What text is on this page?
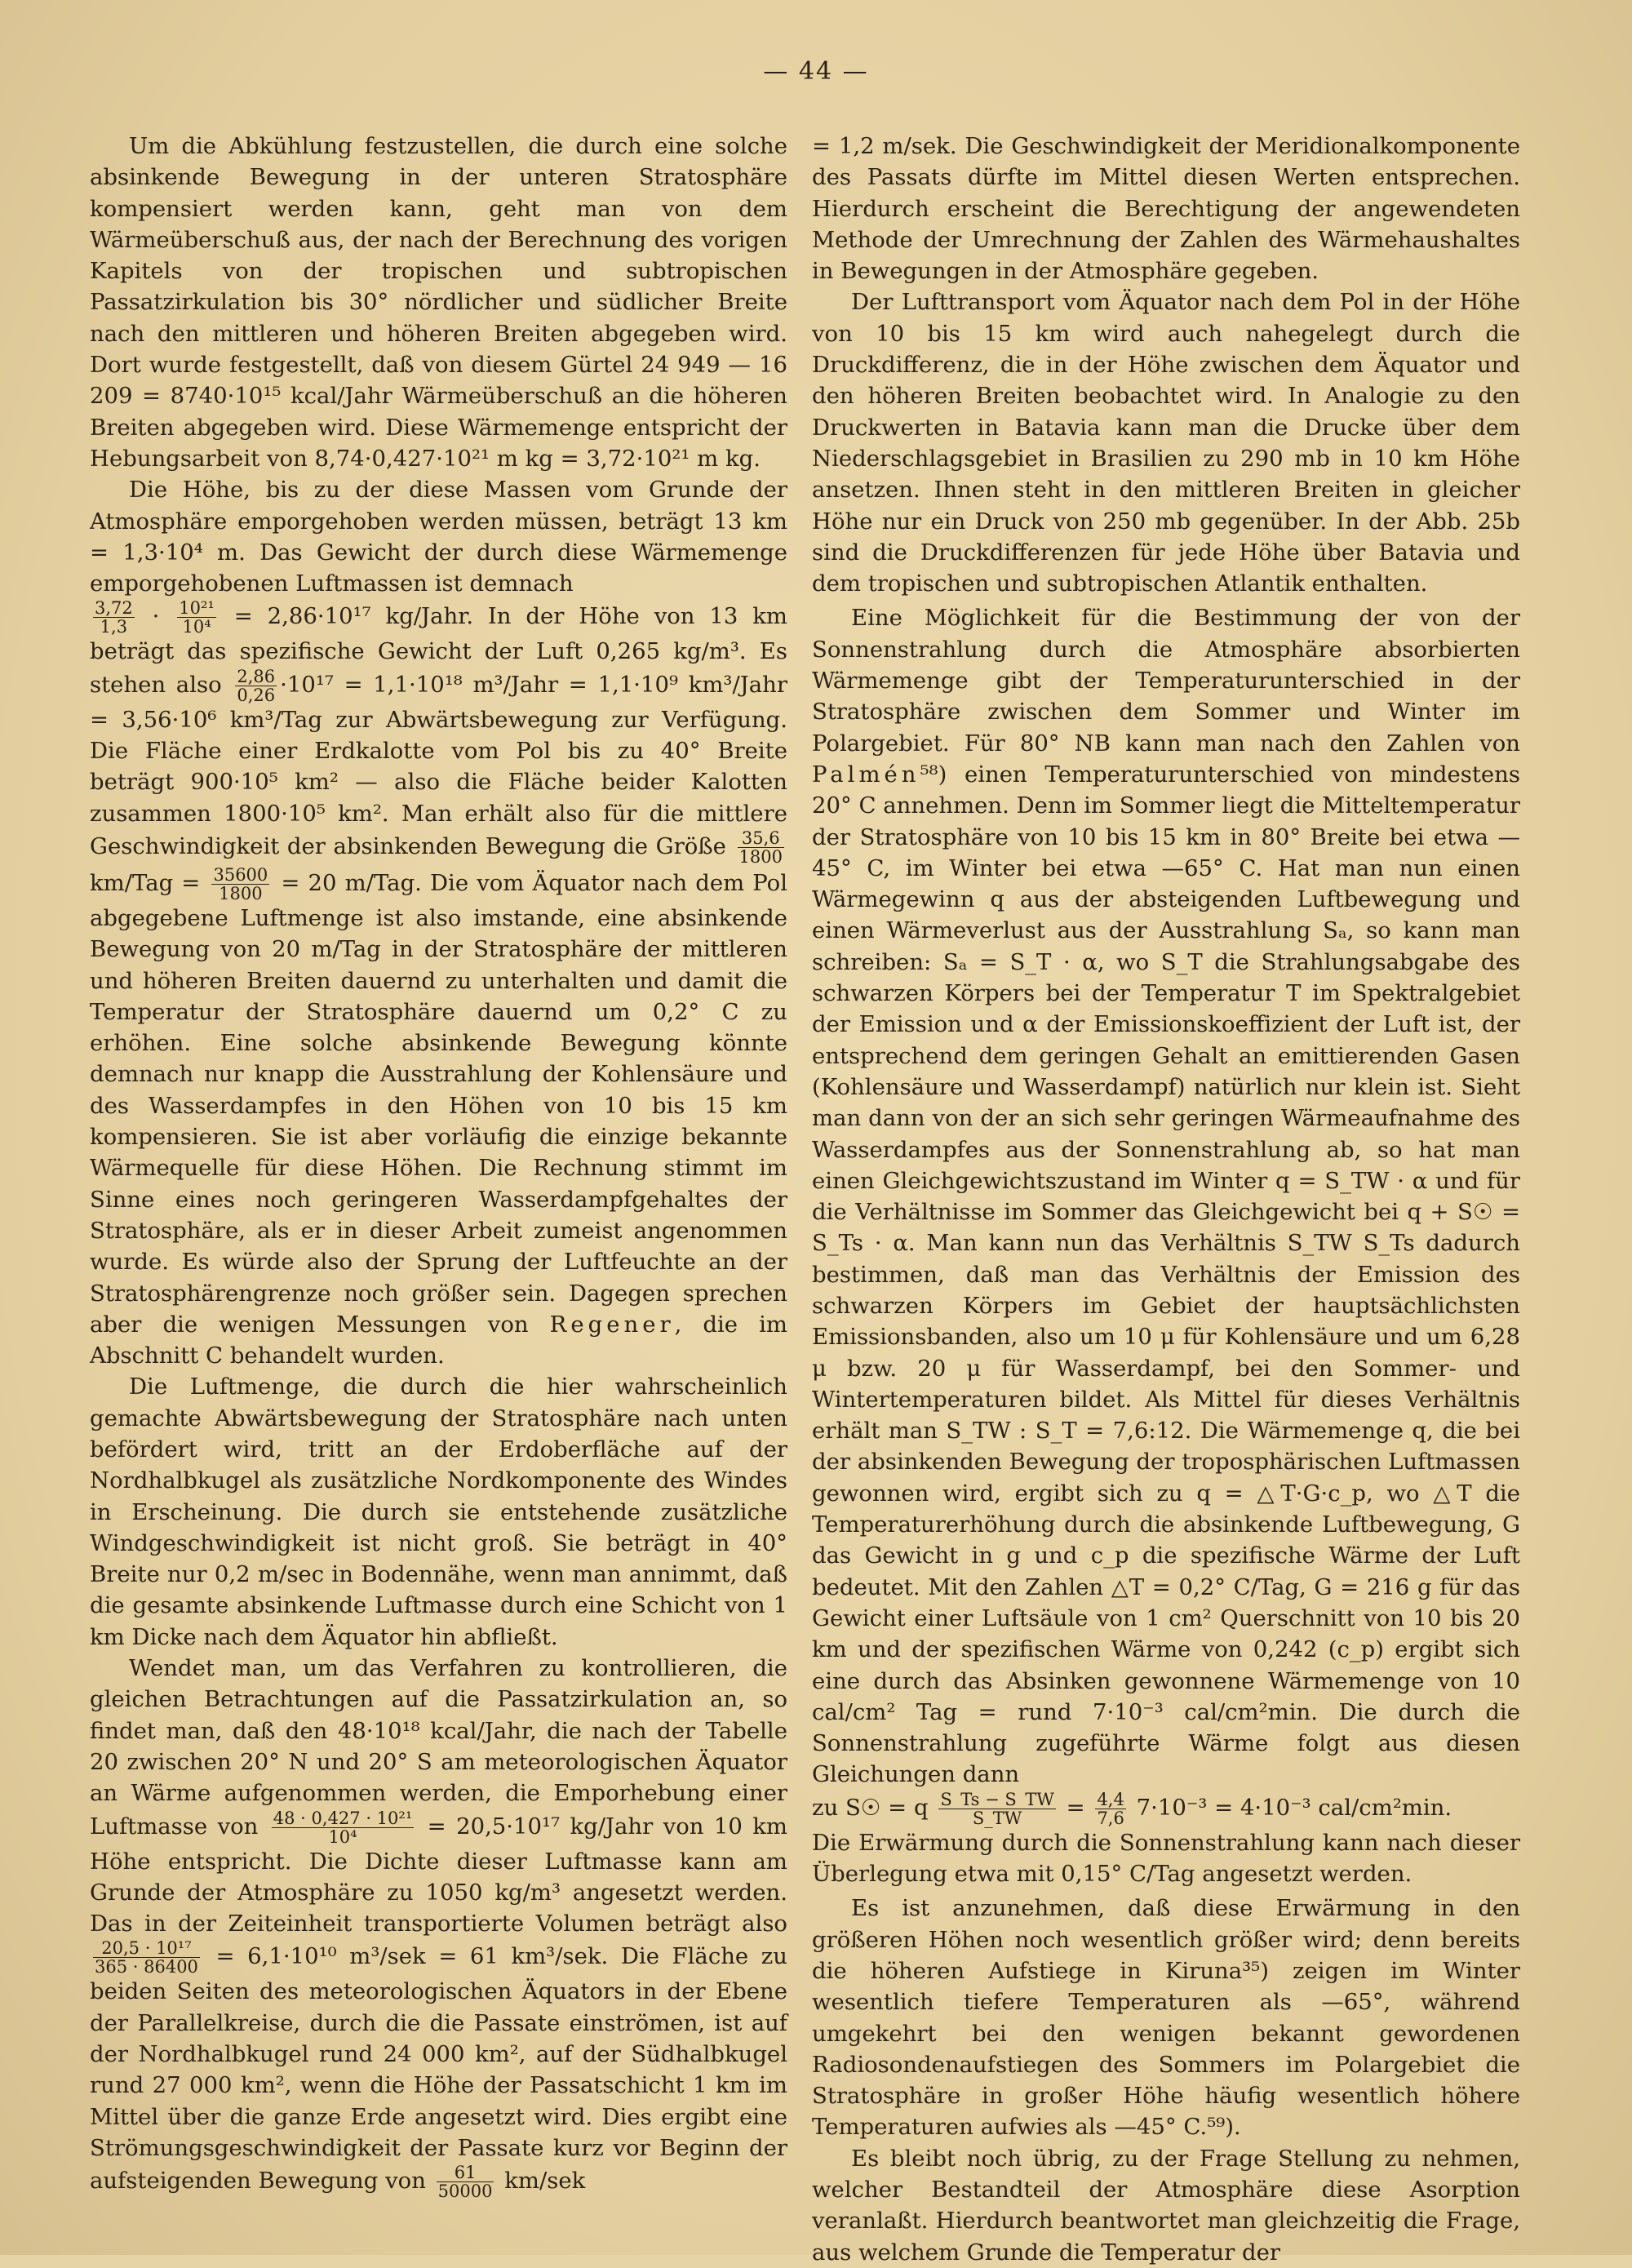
— 44 —

Um die Abkühlung festzustellen, die durch eine solche absinkende Bewegung in der unteren Stratosphäre kompensiert werden kann, geht man von dem Wärmeüberschuß aus, der nach der Berechnung des vorigen Kapitels von der tropischen und subtropischen Passatzirkulation bis 30° nördlicher und südlicher Breite nach den mittleren und höheren Breiten abgegeben wird. Dort wurde festgestellt, daß von diesem Gürtel 24 949 — 16 209 = 8740·10¹⁵ kcal/Jahr Wärmeüberschuß an die höheren Breiten abgegeben wird. Diese Wärmemenge entspricht der Hebungsarbeit von 8,74·0,427·10²¹ m kg = 3,72·10²¹ m kg.

Die Höhe, bis zu der diese Massen vom Grunde der Atmosphäre emporgehoben werden müssen, beträgt 13 km = 1,3·10⁴ m. Das Gewicht der durch diese Wärmemenge emporgehobenen Luftmassen ist demnach

$\frac{3,72}{1,3} \cdot \frac{\text{10²¹}}{\text{10⁴}} = 2,86\cdot 10^{17}$ kg/Jahr. In der Höhe von 13 km beträgt das spezifische Gewicht der Luft 0,265 kg/m³. Es stehen also $\frac{2,86}{0,26} \cdot 10^{17} = 1,1\cdot 10^{18}$ m³/Jahr = 1,1·10⁹ km³/Jahr = 3,56·10⁶ km³/Tag zur Abwärtsbewegung zur Verfügung. Die Fläche einer Erdkalotte vom Pol bis zu 40° Breite beträgt 900·10⁵ km² — also die Fläche beider Kalotten zusammen 1800·10⁵ km². Man erhält also für die mittlere Geschwindigkeit der absinkenden Bewegung die Größe $\frac{35,6}{1800}$
$km/Tag = \frac{35600}{1800} = 20$ m/Tag. Die vom Äquator nach dem Pol abgegebene Luftmenge ist also imstande, eine absinkende Bewegung von 20 m/Tag in der Stratosphäre der mittleren und höheren Breiten dauernd zu unterhalten und damit die Temperatur der Stratosphäre dauernd um 0,2° C zu erhöhen. Eine solche absinkende Bewegung könnte demnach nur knapp die Ausstrahlung der Kohlensäure und des Wasserdampfes in den Höhen von 10 bis 15 km kompensieren. Sie ist aber vorläufig die einzige bekannte Wärmequelle für diese Höhen. Die Rechnung stimmt im Sinne eines noch geringeren Wasserdampfgehaltes der Stratosphäre, als er in dieser Arbeit zumeist angenommen wurde. Es würde also der Sprung der Luftfeuchte an der Stratosphärengrenze noch größer sein. Dagegen sprechen aber die wenigen Messungen von Regener, die im Abschnitt C behandelt wurden.

Die Luftmenge, die durch die hier wahrscheinlich gemachte Abwärtsbewegung der Stratosphäre nach unten befördert wird, tritt an der Erdoberfläche auf der Nordhalbkugel als zusätzliche Nordkomponente des Windes in Erscheinung. Die durch sie entstehende zusätzliche Windgeschwindigkeit ist nicht groß. Sie beträgt in 40° Breite nur 0,2 m/sec in Bodennähe, wenn man annimmt, daß die gesamte absinkende Luftmasse durch eine Schicht von 1 km Dicke nach dem Äquator hin abfließt.

Wendet man, um das Verfahren zu kontrollieren, die gleichen Betrachtungen auf die Passatzirkulation an, so findet man, daß den 48·10¹⁸ kcal/Jahr, die nach der Tabelle 20 zwischen 20° N und 20° S am meteorologischen Äquator an Wärme aufgenommen werden, die Emporhebung einer Luftmasse von $\frac{\text{48 · 0,427 · 10²¹}}{\text{10⁴}} = 20,5\cdot 10^{17}$ kg/Jahr von 10 km Höhe entspricht. Die Dichte dieser Luftmasse kann am Grunde der Atmosphäre zu 1050 kg/m³ angesetzt werden. Das in der Zeiteinheit transportierte Volumen beträgt also
$\frac{\text{20,5 · 10¹⁷}}{365 \cdot 86400} = 6,1\cdot 10^{10}$ m³/sek = 61 km³/sek. Die Fläche zu beiden Seiten des meteorologischen Äquators in der Ebene der Parallelkreise, durch die die Passate einströmen, ist auf der Nordhalbkugel rund 24 000 km², auf der Südhalbkugel rund 27 000 km², wenn die Höhe der Passatschicht 1 km im Mittel über die ganze Erde angesetzt wird. Dies ergibt eine Strömungsgeschwindigkeit der Passate kurz vor Beginn der aufsteigenden Bewegung von $\frac{61}{50000} km/sek$

= 1,2 m/sek. Die Geschwindigkeit der Meridionalkomponente des Passats dürfte im Mittel diesen Werten entsprechen. Hierdurch erscheint die Berechtigung der angewendeten Methode der Umrechnung der Zahlen des Wärmehaushaltes in Bewegungen in der Atmosphäre gegeben.

Der Lufttransport vom Äquator nach dem Pol in der Höhe von 10 bis 15 km wird auch nahegelegt durch die Druckdifferenz, die in der Höhe zwischen dem Äquator und den höheren Breiten beobachtet wird. In Analogie zu den Druckwerten in Batavia kann man die Drucke über dem Niederschlagsgebiet in Brasilien zu 290 mb in 10 km Höhe ansetzen. Ihnen steht in den mittleren Breiten in gleicher Höhe nur ein Druck von 250 mb gegenüber. In der Abb. 25b sind die Druckdifferenzen für jede Höhe über Batavia und dem tropischen und subtropischen Atlantik enthalten.

Eine Möglichkeit für die Bestimmung der von der Sonnenstrahlung durch die Atmosphäre absorbierten Wärmemenge gibt der Temperaturunterschied in der Stratosphäre zwischen dem Sommer und Winter im Polargebiet. Für 80° NB kann man nach den Zahlen von Palmén⁵⁸) einen Temperaturunterschied von mindestens 20° C annehmen. Denn im Sommer liegt die Mitteltemperatur der Stratosphäre von 10 bis 15 km in 80° Breite bei etwa —45° C, im Winter bei etwa —65° C. Hat man nun einen Wärmegewinn q aus der absteigenden Luftbewegung und einen Wärmeverlust aus der Ausstrahlung Sₐ, so kann man schreiben: Sₐ = S_T · α, wo S_T die Strahlungsabgabe des schwarzen Körpers bei der Temperatur T im Spektralgebiet der Emission und α der Emissionskoeffizient der Luft ist, der entsprechend dem geringen Gehalt an emittierenden Gasen (Kohlensäure und Wasserdampf) natürlich nur klein ist. Sieht man dann von der an sich sehr geringen Wärmeaufnahme des Wasserdampfes aus der Sonnenstrahlung ab, so hat man einen Gleichgewichtszustand im Winter q = S_TW · α und für die Verhältnisse im Sommer das Gleichgewicht bei q + S☉ = S_Ts · α. Man kann nun das Verhältnis S_TW S_Ts dadurch bestimmen, daß man das Verhältnis der Emission des schwarzen Körpers im Gebiet der hauptsächlichsten Emissionsbanden, also um 10 μ für Kohlensäure und um 6,28 μ bzw. 20 μ für Wasserdampf, bei den Sommer- und Wintertemperaturen bildet. Als Mittel für dieses Verhältnis erhält man S_TW : S_T = 7,6:12. Die Wärmemenge q, die bei der absinkenden Bewegung der troposphärischen Luftmassen gewonnen wird, ergibt sich zu q = △T·G·c_p, wo △T die Temperaturerhöhung durch die absinkende Luftbewegung, G das Gewicht in g und c_p die spezifische Wärme der Luft bedeutet. Mit den Zahlen △T = 0,2° C/Tag, G = 216 g für das Gewicht einer Luftsäule von 1 cm² Querschnitt von 10 bis 20 km und der spezifischen Wärme von 0,242 (c_p) ergibt sich eine durch das Absinken gewonnene Wärmemenge von 10 cal/cm² Tag = rund 7·10⁻³ cal/cm²min. Die durch die Sonnenstrahlung zugeführte Wärme folgt aus diesen Gleichungen dann
zu S☉ = q $\frac{S\_Ts - S\_TW}{S\_TW} = \frac{4,4}{7,6} 7\cdot 10^{-3} = 4\cdot 10^{-3}$ cal/cm²min.
Die Erwärmung durch die Sonnenstrahlung kann nach dieser Überlegung etwa mit 0,15° C/Tag angesetzt werden.

Es ist anzunehmen, daß diese Erwärmung in den größeren Höhen noch wesentlich größer wird; denn bereits die höheren Aufstiege in Kiruna³⁵) zeigen im Winter wesentlich tiefere Temperaturen als —65°, während umgekehrt bei den wenigen bekannt gewordenen Radiosondenaufstiegen des Sommers im Polargebiet die Stratosphäre in großer Höhe häufig wesentlich höhere Temperaturen aufwies als —45° C.⁵⁹).

Es bleibt noch übrig, zu der Frage Stellung zu nehmen, welcher Bestandteil der Atmosphäre diese Asorption veranlaßt. Hierdurch beantwortet man gleichzeitig die Frage, aus welchem Grunde die Temperatur der
